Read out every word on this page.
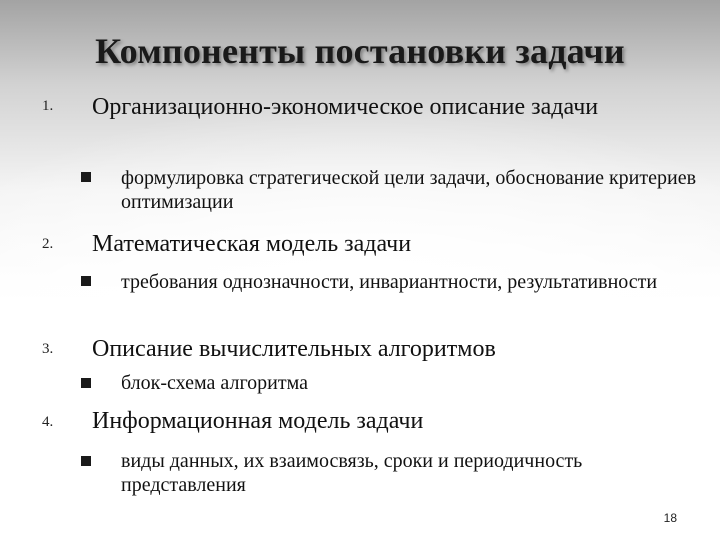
Компоненты постановки задачи
1.	Организационно-экономическое описание задачи
формулировка стратегической цели задачи, обоснование критериев оптимизации
2.	Математическая модель задачи
требования однозначности, инвариантности, результативности
3.	Описание вычислительных алгоритмов
блок-схема алгоритма
4.	Информационная модель задачи
виды данных, их взаимосвязь, сроки и периодичность представления
18
